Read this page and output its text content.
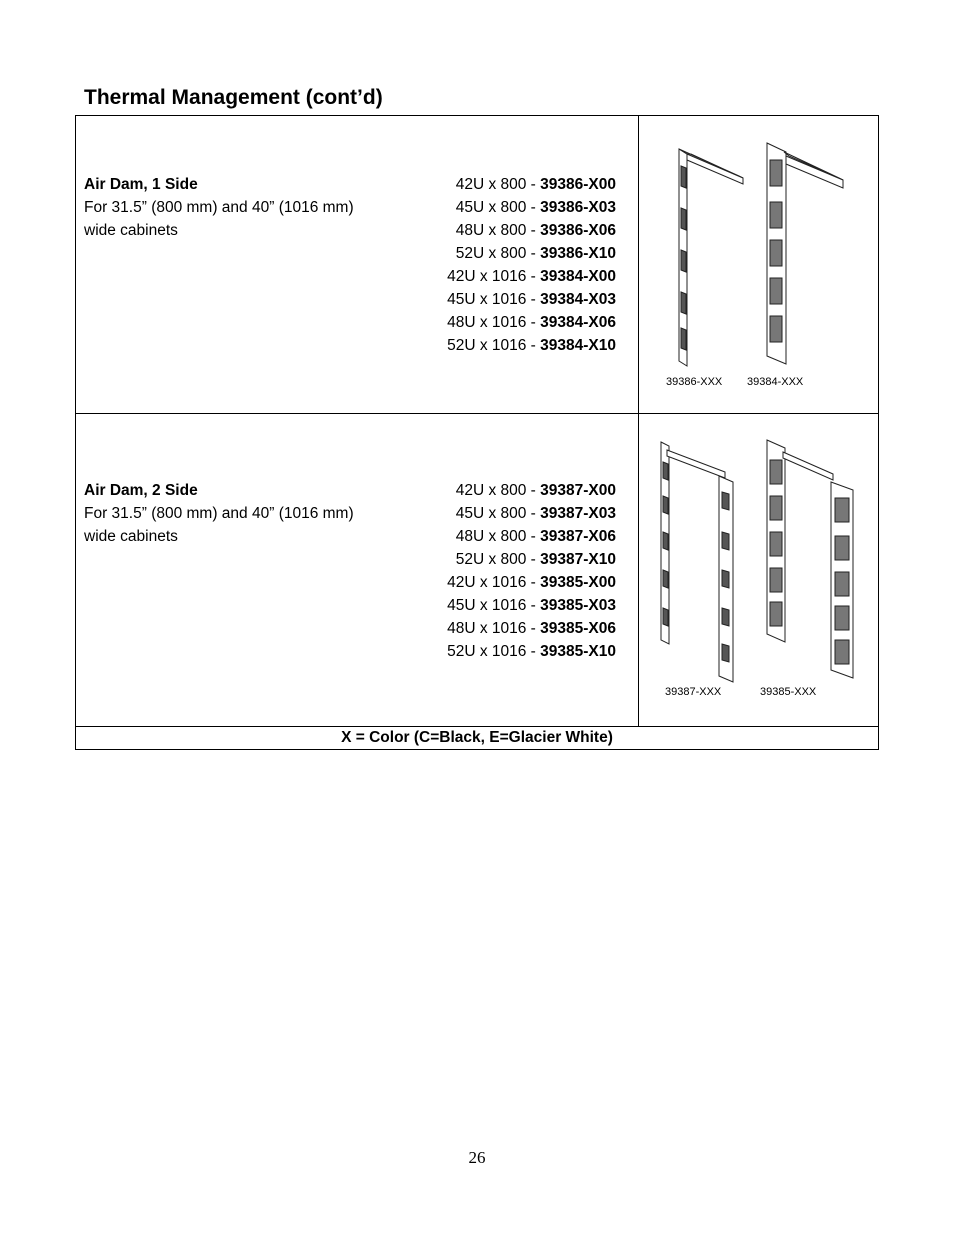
Thermal Management (cont’d)
Air Dam, 1 Side
For 31.5” (800 mm) and 40” (1016 mm)
wide cabinets
42U x 800 - 39386-X00
45U x 800 - 39386-X03
48U x 800 - 39386-X06
52U x 800 - 39386-X10
42U x 1016 - 39384-X00
45U x 1016 - 39384-X03
48U x 1016 - 39384-X06
52U x 1016 - 39384-X10
39386-XXX 39384-XXX
Air Dam, 2 Side
For 31.5” (800 mm) and 40” (1016 mm)
wide cabinets
42U x 800 - 39387-X00
45U x 800 - 39387-X03
48U x 800 - 39387-X06
52U x 800 - 39387-X10
42U x 1016 - 39385-X00
45U x 1016 - 39385-X03
48U x 1016 - 39385-X06
52U x 1016 - 39385-X10
39387-XXX	39385-XXX
X = Color (C=Black, E=Glacier White)
26
